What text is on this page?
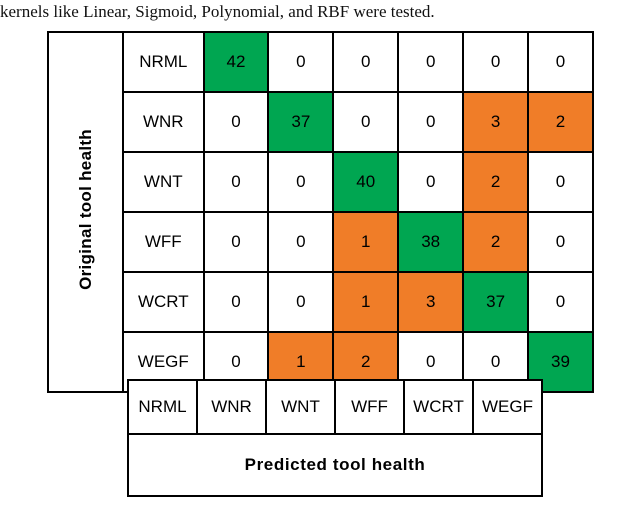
kernels like Linear, Sigmoid, Polynomial, and RBF were tested.
Original tool health	NRML	42	0	0	0	0	0
	WNR	0	37	0	0	3	2
	WNT	0	0	40	0	2	0
	WFF	0	0	1	38	2	0
	WCRT	0	0	1	3	37	0
	WEGF	0	1	2	0	0	39
NRML	WNR	WNT	WFF	WCRT	WEGF
Predicted tool health
